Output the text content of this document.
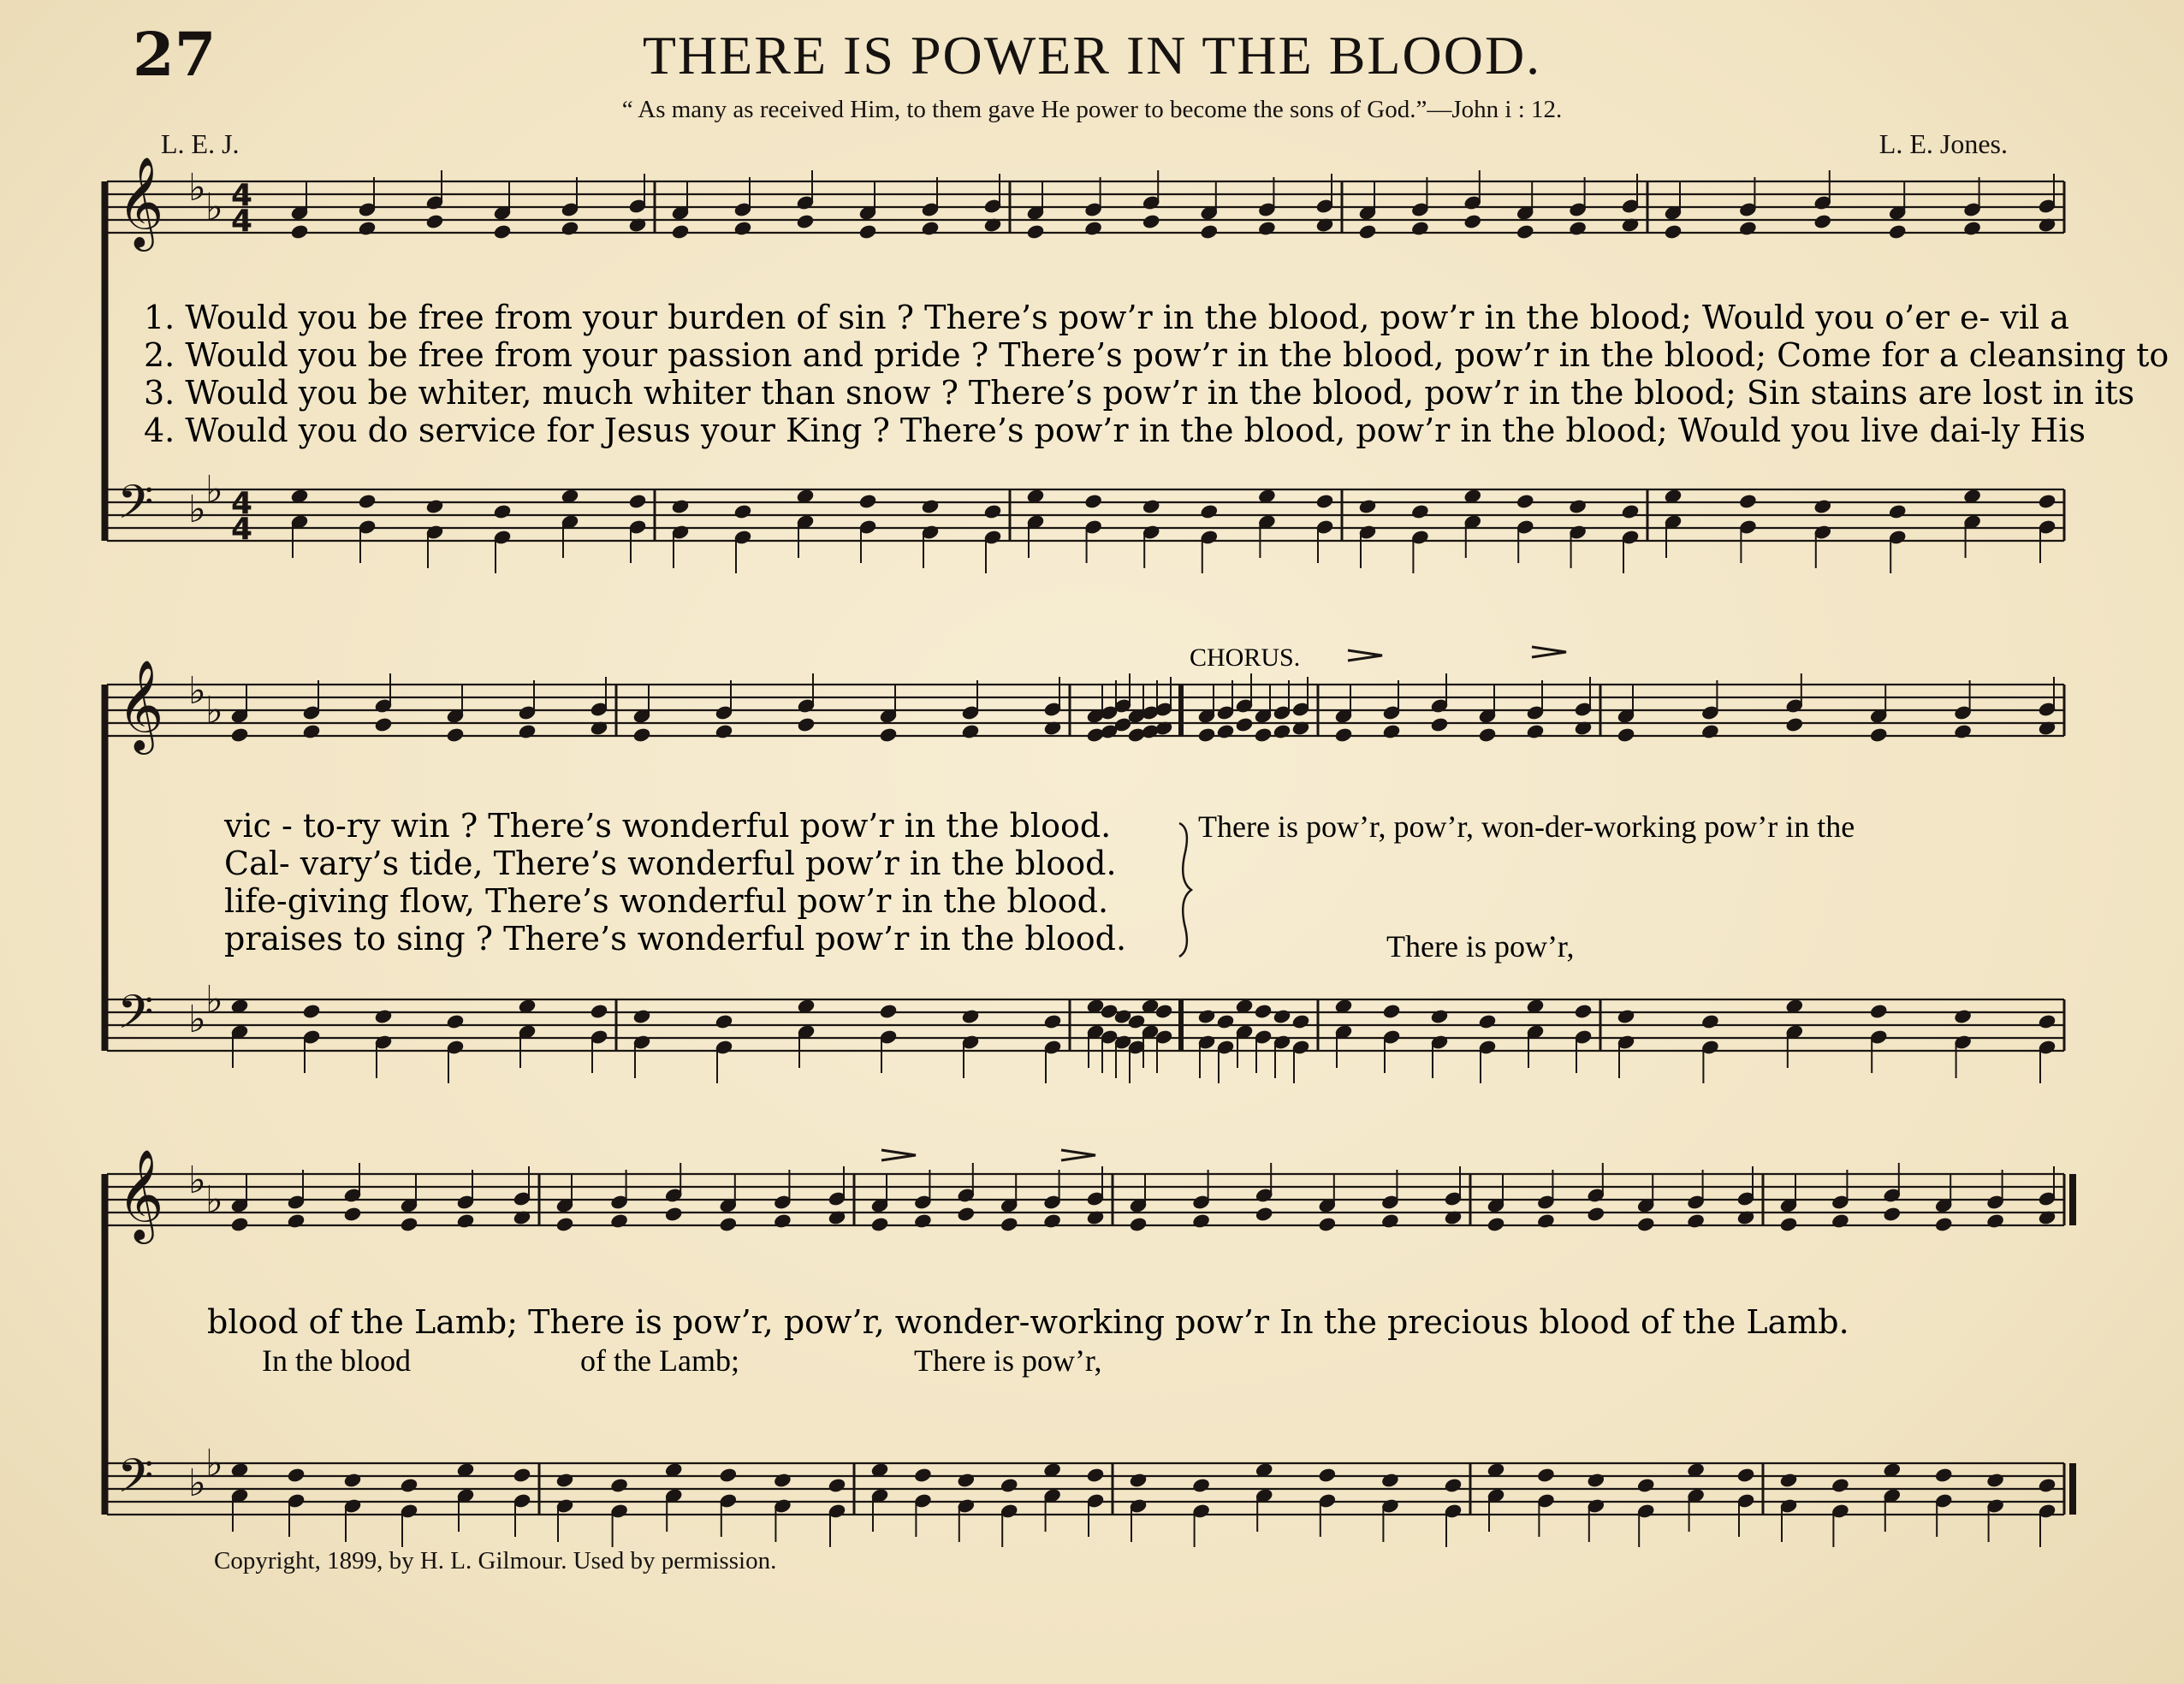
27	THERE IS POWER IN THE BLOOD.
“ As many as received Him, to them gave He power to become the sons of God.”—John i : 12.
L. E. J.	L. E. Jones.
𝄞 ♭ ♭ 4
4
𝄢 ♭ ♭ 4
4
𝄞 ♭ ♭
𝄢 ♭ ♭
𝄞 ♭ ♭
𝄢 ♭ ♭
CHORUS.
1. Would you be free from your burden of sin ? There’s pow’r in the blood, pow’r in the blood; Would you o’er e- vil a
2. Would you be free from your passion and pride ? There’s pow’r in the blood, pow’r in the blood; Come for a cleansing to
3. Would you be whiter, much whiter than snow ? There’s pow’r in the blood, pow’r in the blood; Sin stains are lost in its
4. Would you do service for Jesus your King ? There’s pow’r in the blood, pow’r in the blood; Would you live dai-ly His
vic - to-ry win ? There’s wonderful pow’r in the blood.
Cal- vary’s tide, There’s wonderful pow’r in the blood.
life-giving flow, There’s wonderful pow’r in the blood.
praises to sing ? There’s wonderful pow’r in the blood.
There is pow’r, pow’r, won-der-working pow’r in the
There is pow’r,
blood of the Lamb; There is pow’r, pow’r, wonder-working pow’r In the precious blood of the Lamb.
In the blood	of the Lamb;	There is pow’r,
Copyright, 1899, by H. L. Gilmour. Used by permission.
